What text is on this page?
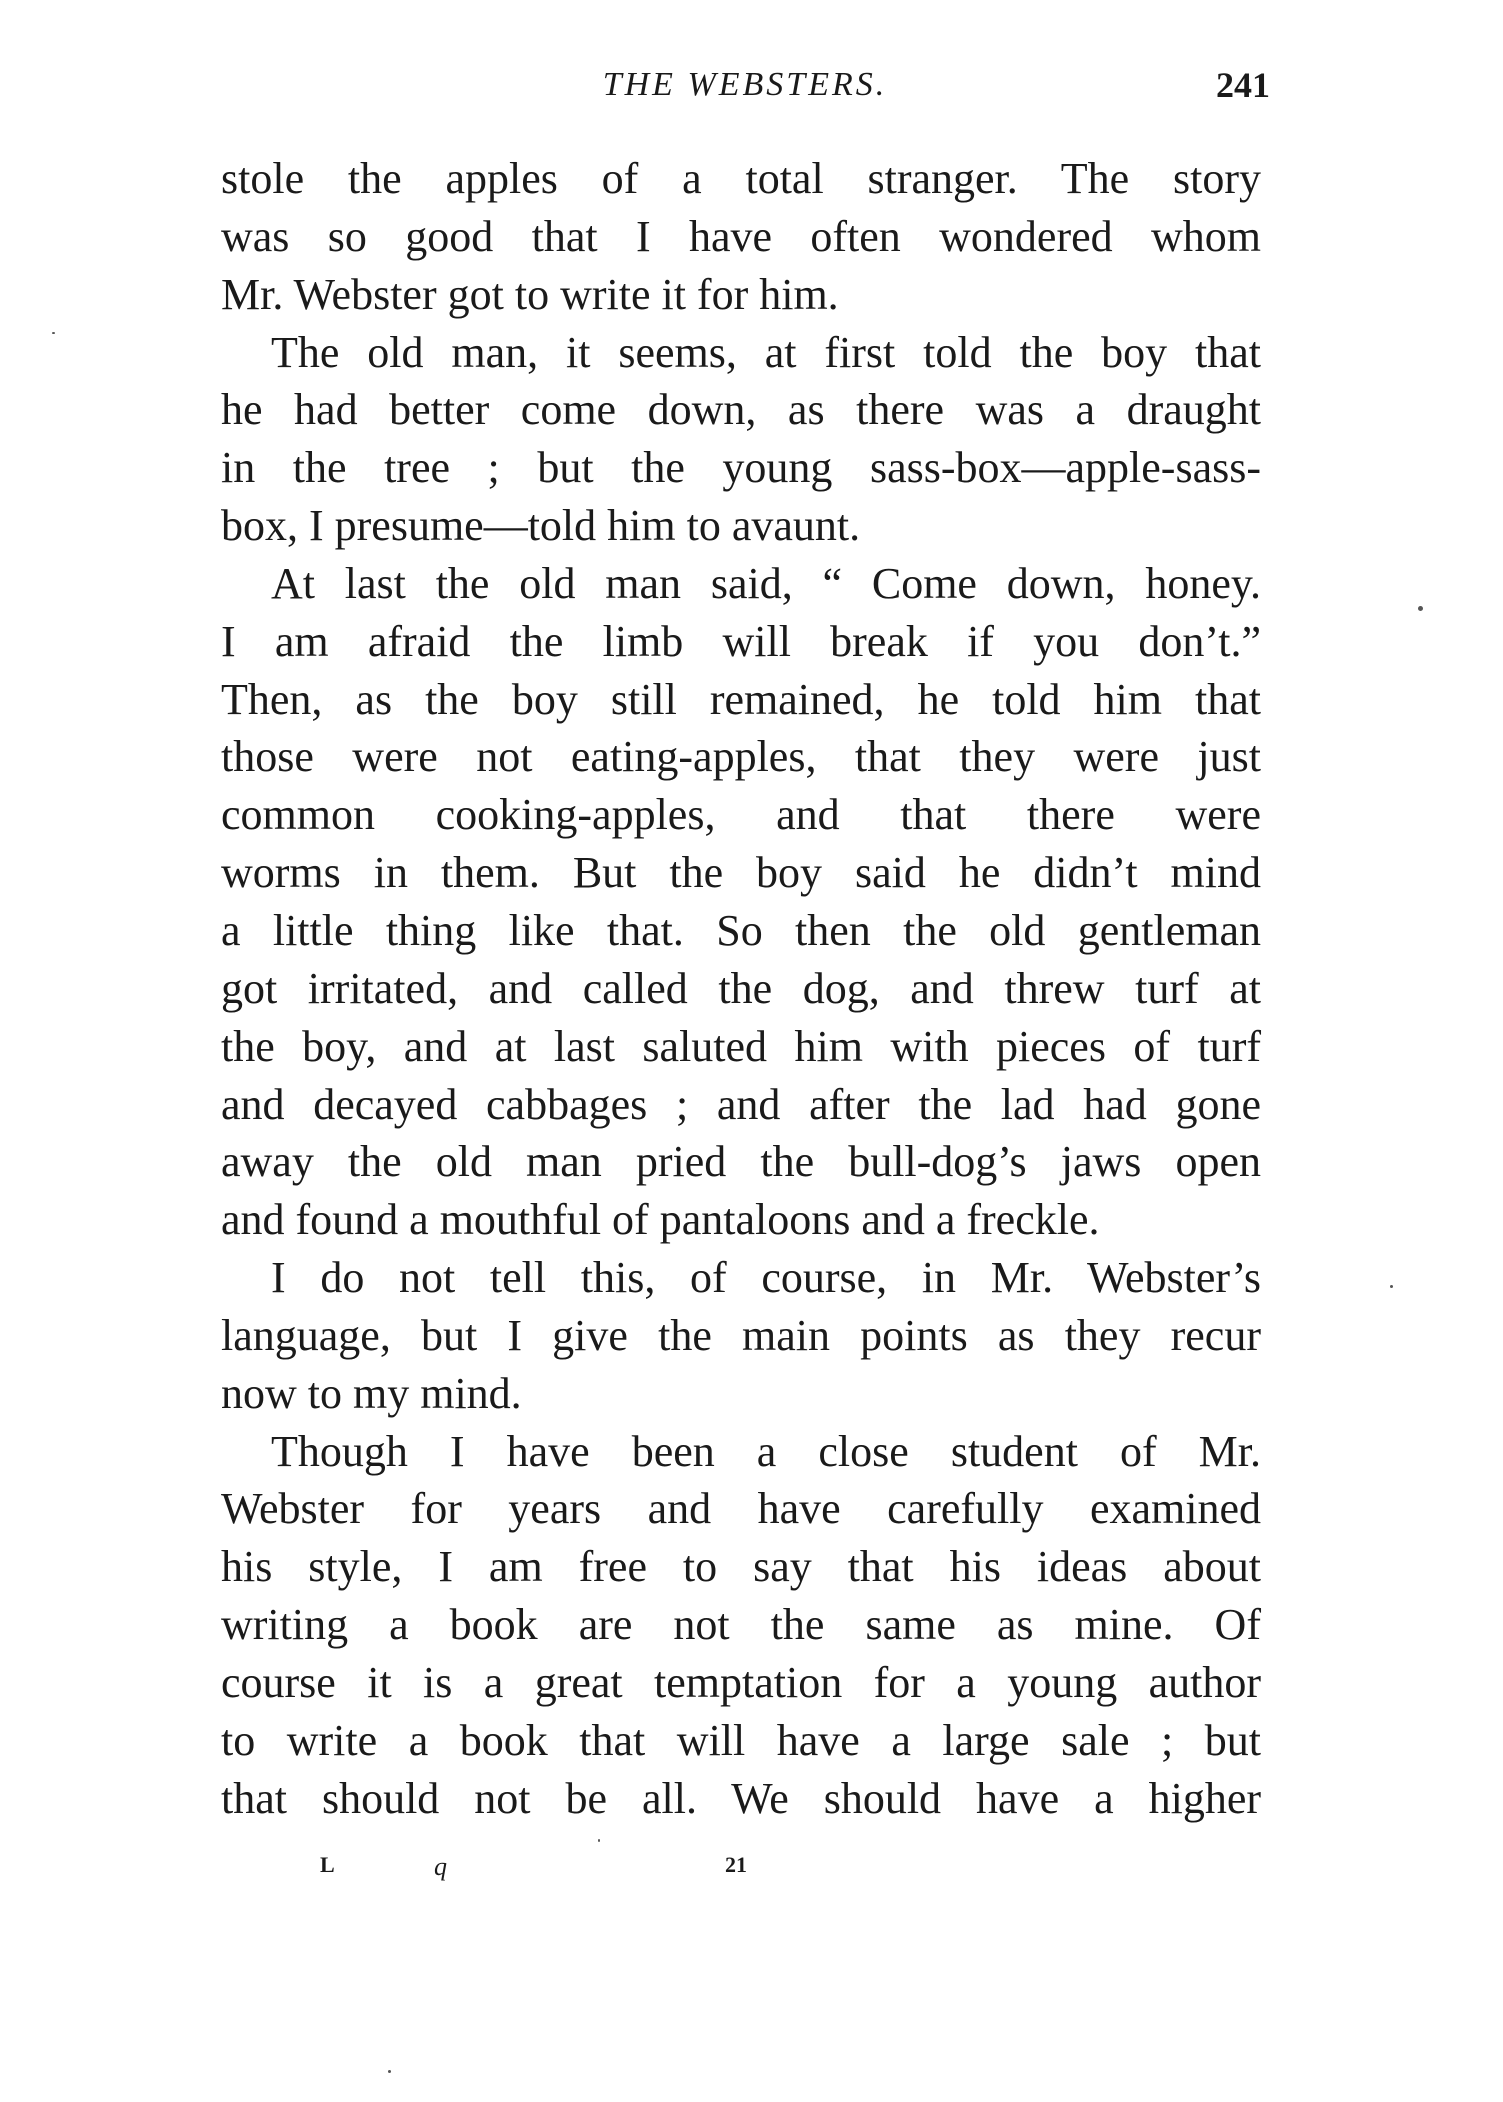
THE WEBSTERS.	241
stole the apples of a total stranger. The story
was so good that I have often wondered whom
Mr. Webster got to write it for him.
The old man, it seems, at first told the boy that
he had better come down, as there was a draught
in the tree ; but the young sass-box—apple-sass-
box, I presume—told him to avaunt.
At last the old man said, “ Come down, honey.
I am afraid the limb will break if you don’t.”
Then, as the boy still remained, he told him that
those were not eating-apples, that they were just
common cooking-apples, and that there were
worms in them. But the boy said he didn’t mind
a little thing like that. So then the old gentleman
got irritated, and called the dog, and threw turf at
the boy, and at last saluted him with pieces of turf
and decayed cabbages ; and after the lad had gone
away the old man pried the bull-dog’s jaws open
and found a mouthful of pantaloons and a freckle.
I do not tell this, of course, in Mr. Webster’s
language, but I give the main points as they recur
now to my mind.
Though I have been a close student of Mr.
Webster for years and have carefully examined
his style, I am free to say that his ideas about
writing a book are not the same as mine. Of
course it is a great temptation for a young author
to write a book that will have a large sale ; but
that should not be all. We should have a higher
L	q	21
